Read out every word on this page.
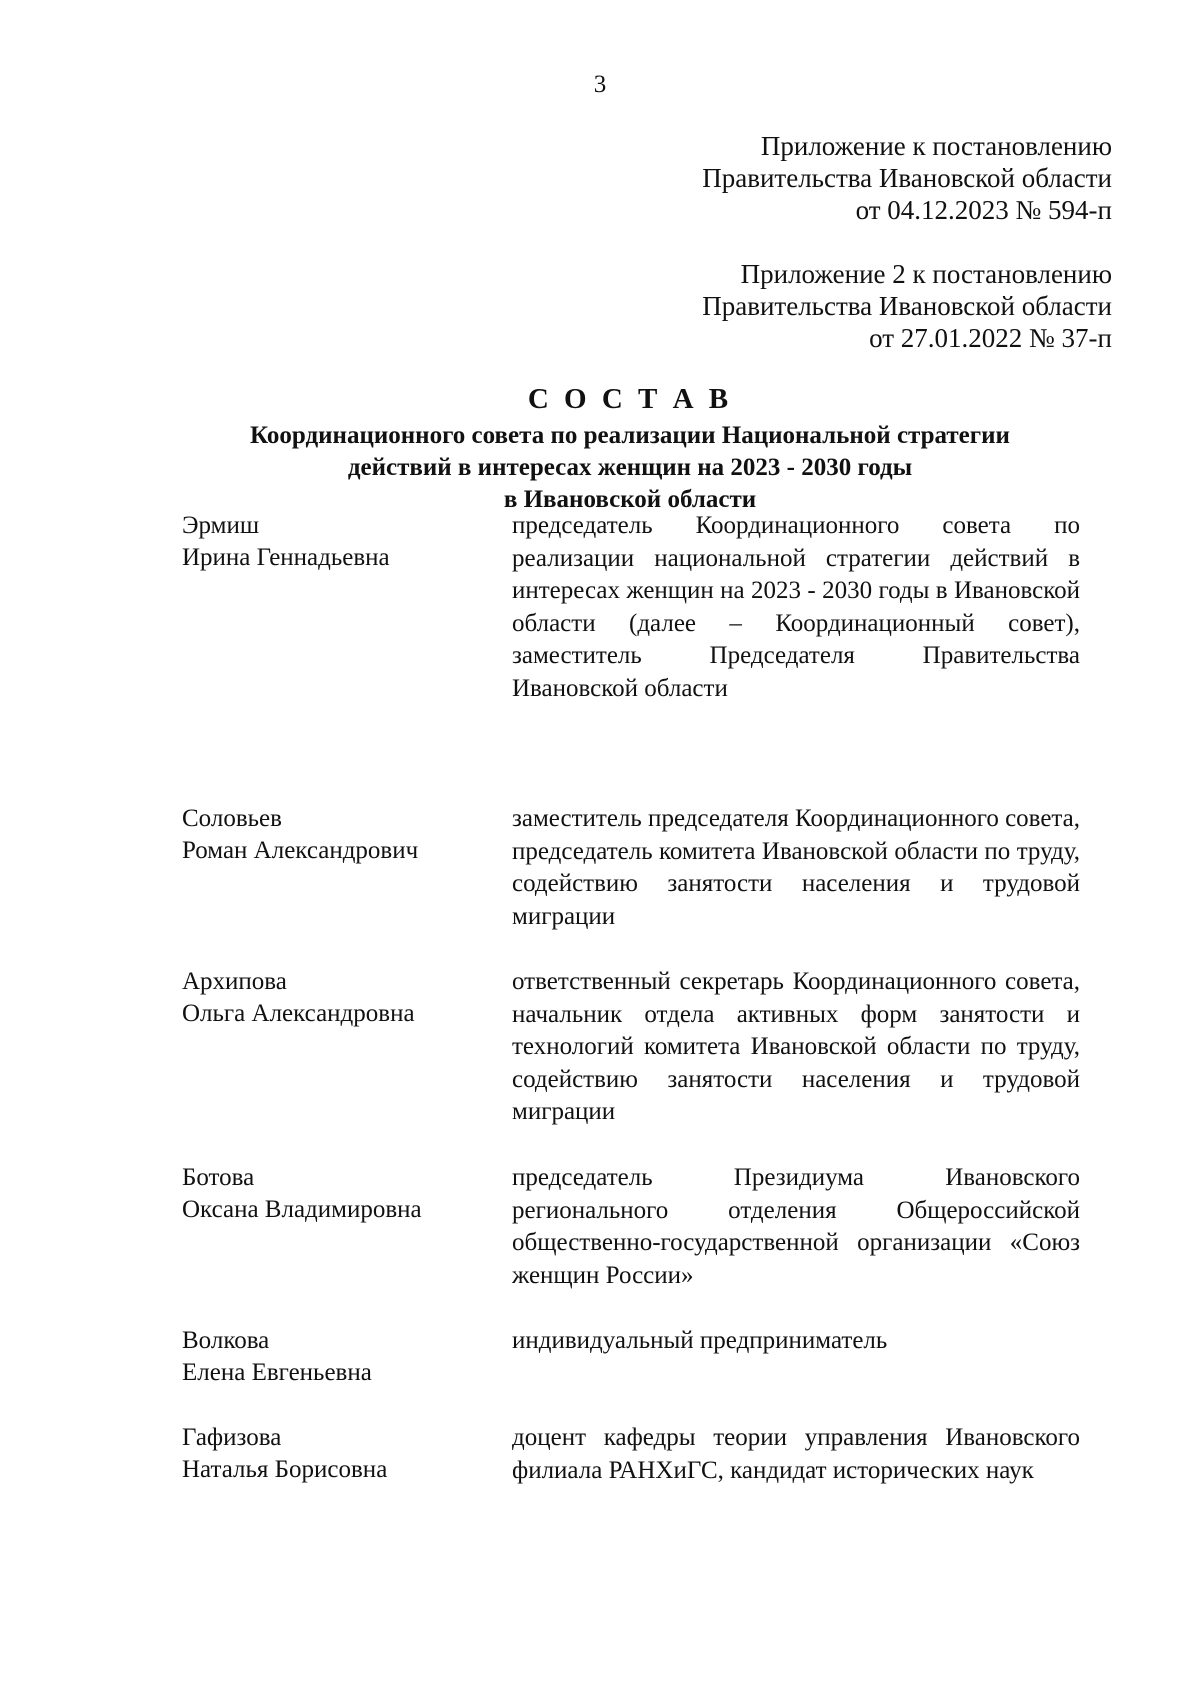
3
Приложение к постановлению
Правительства Ивановской области
от 04.12.2023 № 594-п
Приложение 2 к постановлению
Правительства Ивановской области
от 27.01.2022 № 37-п
С О С Т А В
Координационного совета по реализации Национальной стратегии
действий в интересах женщин на 2023 - 2030 годы
в Ивановской области
Эрмиш
Ирина Геннадьевна
председатель Координационного совета по реализации национальной стратегии действий в интересах женщин на 2023 - 2030 годы в Ивановской области (далее – Координационный совет), заместитель Председателя Правительства Ивановской области
Соловьев
Роман Александрович
заместитель председателя Координационного совета, председатель комитета Ивановской области по труду, содействию занятости населения и трудовой миграции
Архипова
Ольга Александровна
ответственный секретарь Координационного совета, начальник отдела активных форм занятости и технологий комитета Ивановской области по труду, содействию занятости населения и трудовой миграции
Ботова
Оксана Владимировна
председатель Президиума Ивановского регионального отделения Общероссийской общественно-государственной организации «Союз женщин России»
Волкова
Елена Евгеньевна
индивидуальный предприниматель
Гафизова
Наталья Борисовна
доцент кафедры теории управления Ивановского филиала РАНХиГС, кандидат исторических наук
